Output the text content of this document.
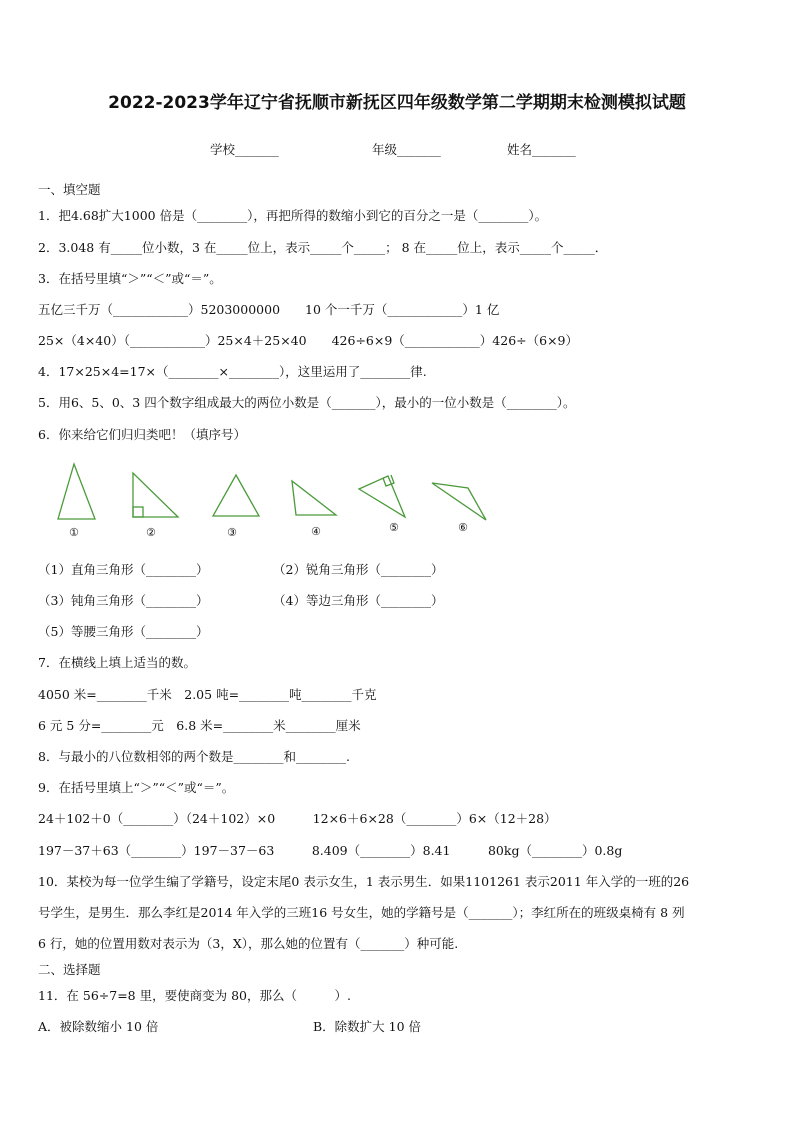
2022-2023学年辽宁省抚顺市新抚区四年级数学第二学期期末检测模拟试题
学校_______	年级_______	姓名_______
一、填空题
1．把4.68扩大1000 倍是（________），再把所得的数缩小到它的百分之一是（________）。
2．3.048 有_____位小数，3 在_____位上，表示_____个_____； 8 在_____位上，表示_____个_____．
3．在括号里填“＞”“＜”或“＝”。
五亿三千万（____________）5203000000　　10 个一千万（____________）1 亿
25×（4×40）（____________）25×4＋25×40　　426÷6×9（____________）426÷（6×9）
4．17×25×4=17×（________×________），这里运用了________律.
5．用6、5、0、3 四个数字组成最大的两位小数是（_______），最小的一位小数是（________）。
6．你来给它们归归类吧！（填序号）
①	②	③	④	⑤	⑥
（1）直角三角形（________）	（2）锐角三角形（________）
（3）钝角三角形（________）	（4）等边三角形（________）
（5）等腰三角形（________）
7．在横线上填上适当的数。
4050 米=________千米　2.05 吨=________吨________千克
6 元 5 分=________元　6.8 米=________米________厘米
8．与最小的八位数相邻的两个数是________和________.
9．在括号里填上“＞”“＜”或“＝”。
24＋102＋0（________）（24＋102）×0　　　12×6＋6×28（________）6×（12＋28）
197－37＋63（________）197－37－63　　　8.409（________）8.41　　　80kg（________）0.8g
10．某校为每一位学生编了学籍号，设定末尾0 表示女生，1 表示男生．如果1101261 表示2011 年入学的一班的26
号学生，是男生．那么李红是2014 年入学的三班16 号女生，她的学籍号是（_______）；李红所在的班级桌椅有 8 列
6 行，她的位置用数对表示为（3，X），那么她的位置有（_______）种可能.
二、选择题
11．在 56÷7=8 里，要使商变为 80，那么（　　　）.
A．被除数缩小 10 倍	B．除数扩大 10 倍
